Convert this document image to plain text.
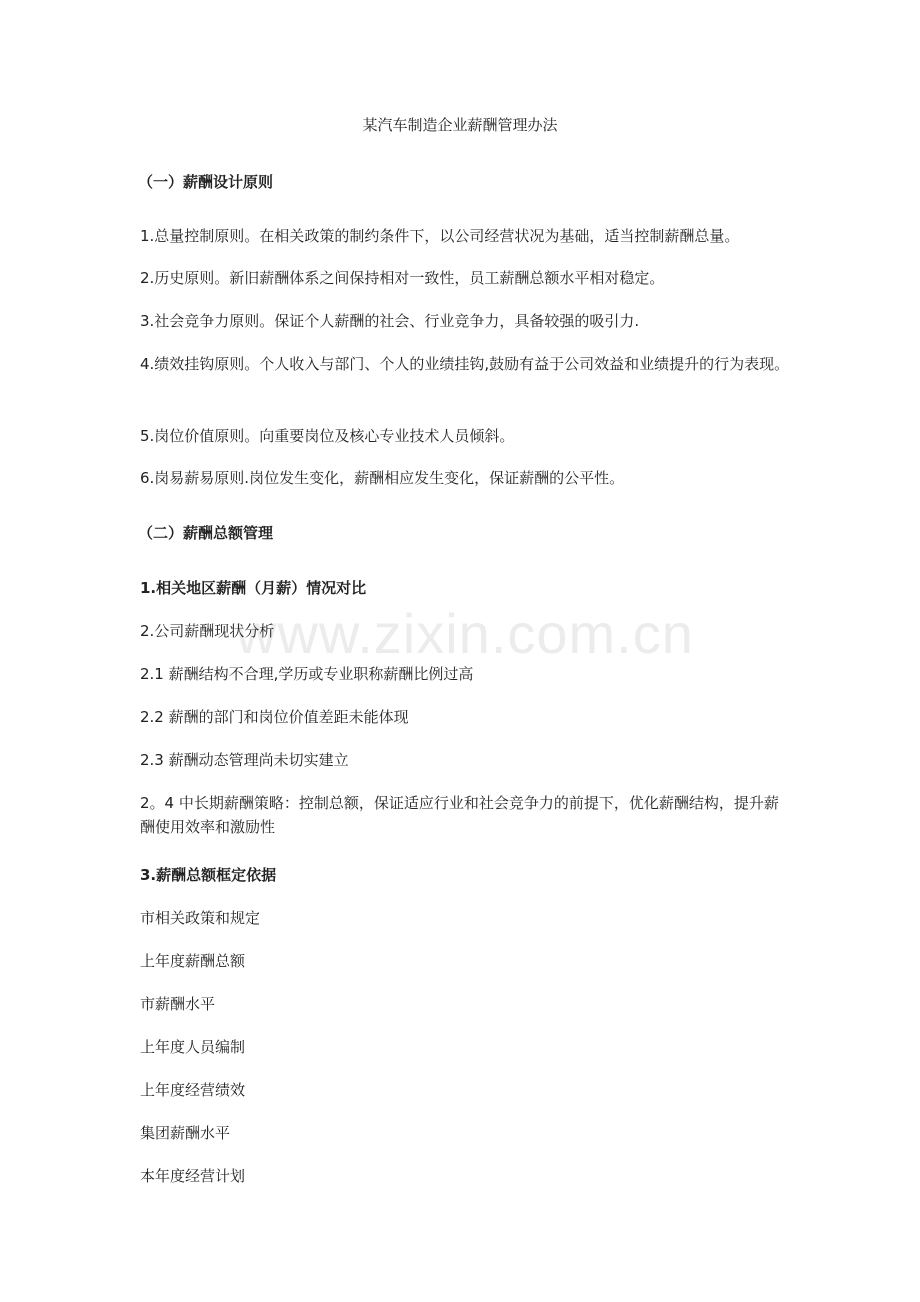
www.zixin.com.cn
某汽车制造企业薪酬管理办法
（一）薪酬设计原则
1.总量控制原则。在相关政策的制约条件下，以公司经营状况为基础，适当控制薪酬总量。
2.历史原则。新旧薪酬体系之间保持相对一致性，员工薪酬总额水平相对稳定。
3.社会竞争力原则。保证个人薪酬的社会、行业竞争力，具备较强的吸引力.
4.绩效挂钩原则。个人收入与部门、个人的业绩挂钩,鼓励有益于公司效益和业绩提升的行为表现。
5.岗位价值原则。向重要岗位及核心专业技术人员倾斜。
6.岗易薪易原则.岗位发生变化，薪酬相应发生变化，保证薪酬的公平性。
（二）薪酬总额管理
1.相关地区薪酬（月薪）情况对比
2.公司薪酬现状分析
2.1 薪酬结构不合理,学历或专业职称薪酬比例过高
2.2 薪酬的部门和岗位价值差距未能体现
2.3 薪酬动态管理尚未切实建立
2。4 中长期薪酬策略：控制总额，保证适应行业和社会竞争力的前提下，优化薪酬结构，提升薪酬使用效率和激励性
3.薪酬总额框定依据
市相关政策和规定
上年度薪酬总额
市薪酬水平
上年度人员编制
上年度经营绩效
集团薪酬水平
本年度经营计划
